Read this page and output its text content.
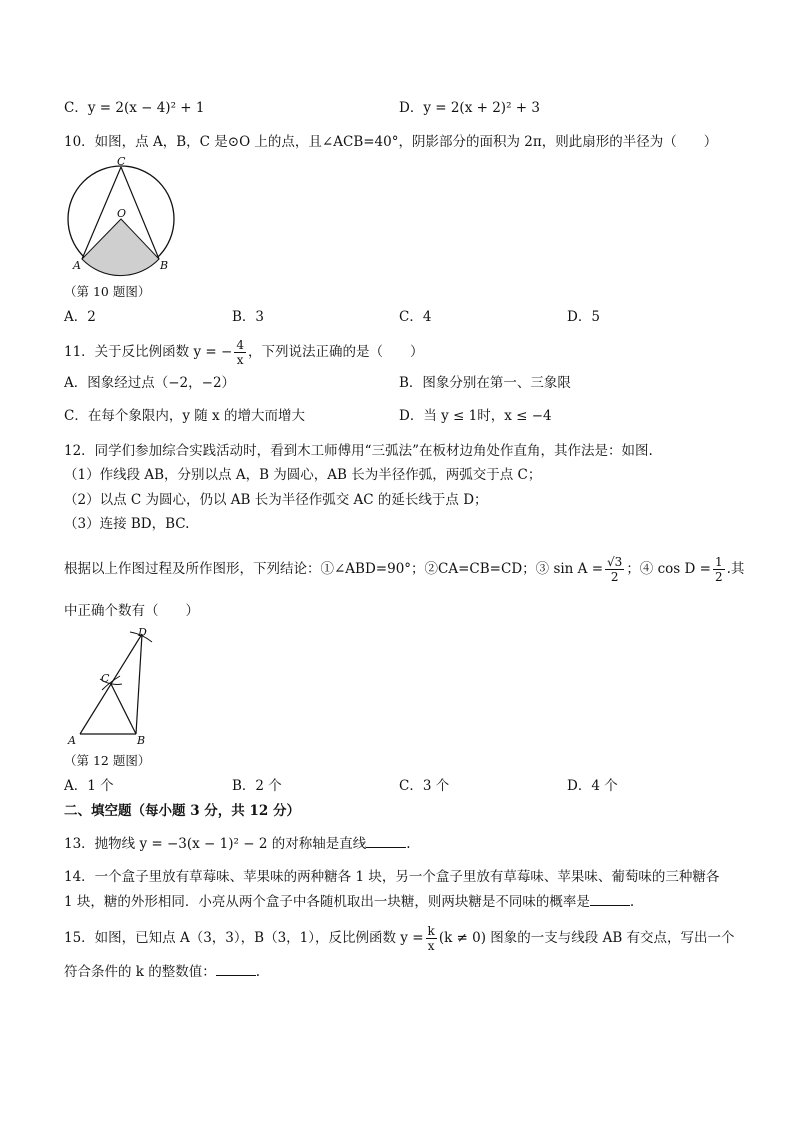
C．y = 2(x − 4)² + 1	D．y = 2(x + 2)² + 3
10．如图，点 A，B，C 是⊙O 上的点，且∠ACB=40°，阴影部分的面积为 2π，则此扇形的半径为（　　）
C
O
A	B
（第 10 题图）
A．2	B．3	C．4	D．5
11．关于反比例函数 y = − $\frac{4}{x}$ ，下列说法正确的是（　　）
A．图象经过点（−2，−2）	B．图象分别在第一、三象限
C．在每个象限内，y 随 x 的增大而增大	D．当 y ≤ 1时，x ≤ −4
12．同学们参加综合实践活动时，看到木工师傅用“三弧法”在板材边角处作直角，其作法是：如图.
（1）作线段 AB，分别以点 A，B 为圆心，AB 长为半径作弧，两弧交于点 C；
（2）以点 C 为圆心，仍以 AB 长为半径作弧交 AC 的延长线于点 D；
（3）连接 BD，BC.
根据以上作图过程及所作图形，下列结论：①∠ABD=90°；②CA=CB=CD；③ $\sin A = \frac{√3}{2}$ ；④ $\cos D = \frac{1}{2}$ .其
中正确个数有（　　）
D
C
A	B
（第 12 题图）
A．1 个	B．2 个	C．3 个	D．4 个
二、填空题（每小题 3 分，共 12 分）
13．抛物线 y = −3(x − 1)² − 2 的对称轴是直线	.
14．一个盒子里放有草莓味、苹果味的两种糖各 1 块，另一个盒子里放有草莓味、苹果味、葡萄味的三种糖各
1 块，糖的外形相同．小亮从两个盒子中各随机取出一块糖，则两块糖是不同味的概率是	.
15．如图，已知点 A（3，3），B（3，1），反比例函数 $y = \frac{k}{x} (k \ne 0)$ 图象的一支与线段 AB 有交点，写出一个
符合条件的 k 的整数值：	.
